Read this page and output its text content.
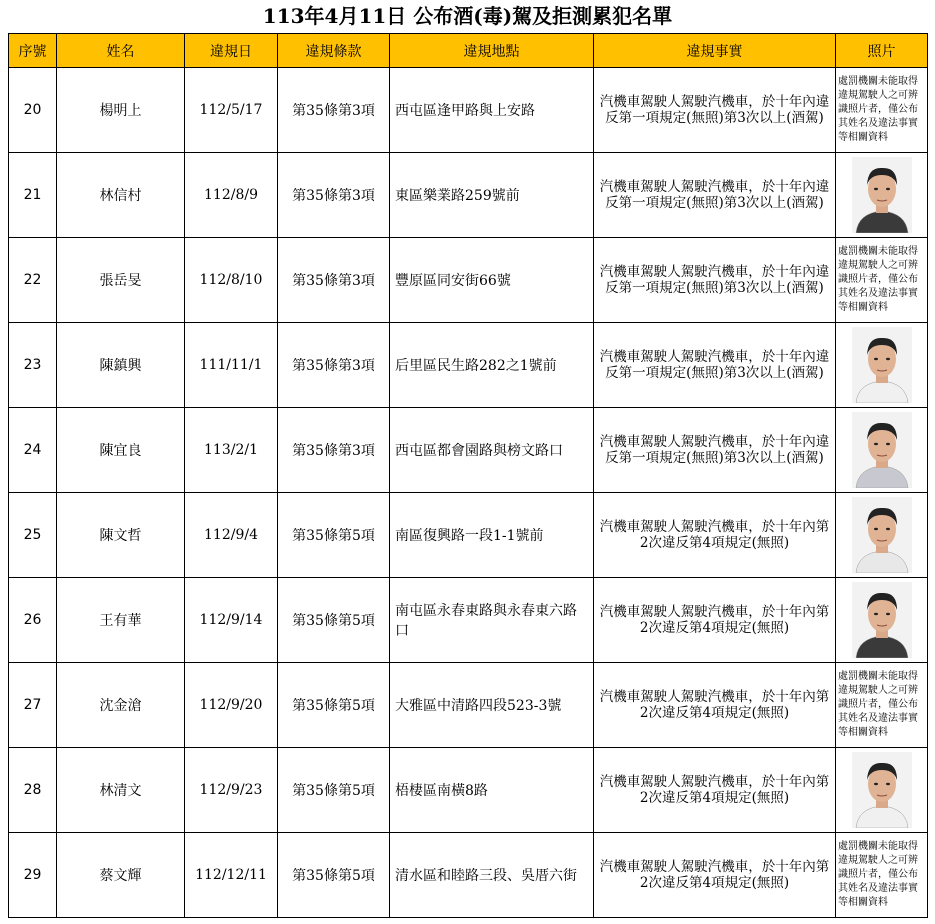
113年4月11日 公布酒(毒)駕及拒測累犯名單
序號	姓名	違規日	違規條款	違規地點	違規事實	照片
20	楊明上	112/5/17	第35條第3項	西屯區逢甲路與上安路	汽機車駕駛人駕駛汽機車，於十年內違反第一項規定(無照)第3次以上(酒駕)	處罰機關未能取得違規駕駛人之可辨識照片者，僅公布 其姓名及違法事實等相關資料

21	林信村	112/8/9	第35條第3項	東區樂業路259號前	汽機車駕駛人駕駛汽機車，於十年內違反第一項規定(無照)第3次以上(酒駕)	

22	張岳旻	112/8/10	第35條第3項	豐原區同安街66號	汽機車駕駛人駕駛汽機車，於十年內違反第一項規定(無照)第3次以上(酒駕)	處罰機關未能取得違規駕駛人之可辨識照片者，僅公布 其姓名及違法事實等相關資料

23	陳鎮興	111/11/1	第35條第3項	后里區民生路282之1號前	汽機車駕駛人駕駛汽機車，於十年內違反第一項規定(無照)第3次以上(酒駕)	

24	陳宜良	113/2/1	第35條第3項	西屯區都會園路與榜文路口	汽機車駕駛人駕駛汽機車，於十年內違反第一項規定(無照)第3次以上(酒駕)	

25	陳文哲	112/9/4	第35條第5項	南區復興路一段1-1號前	汽機車駕駛人駕駛汽機車，於十年內第2次違反第4項規定(無照)	

26	王有華	112/9/14	第35條第5項	南屯區永春東路與永春東六路口	汽機車駕駛人駕駛汽機車，於十年內第2次違反第4項規定(無照)	

27	沈金滄	112/9/20	第35條第5項	大雅區中清路四段523-3號	汽機車駕駛人駕駛汽機車，於十年內第2次違反第4項規定(無照)	處罰機關未能取得違規駕駛人之可辨識照片者，僅公布 其姓名及違法事實等相關資料

28	林清文	112/9/23	第35條第5項	梧棲區南橫8路	汽機車駕駛人駕駛汽機車，於十年內第2次違反第4項規定(無照)	

29	蔡文輝	112/12/11	第35條第5項	清水區和睦路三段、吳厝六街	汽機車駕駛人駕駛汽機車，於十年內第2次違反第4項規定(無照)	處罰機關未能取得違規駕駛人之可辨識照片者，僅公布 其姓名及違法事實等相關資料
